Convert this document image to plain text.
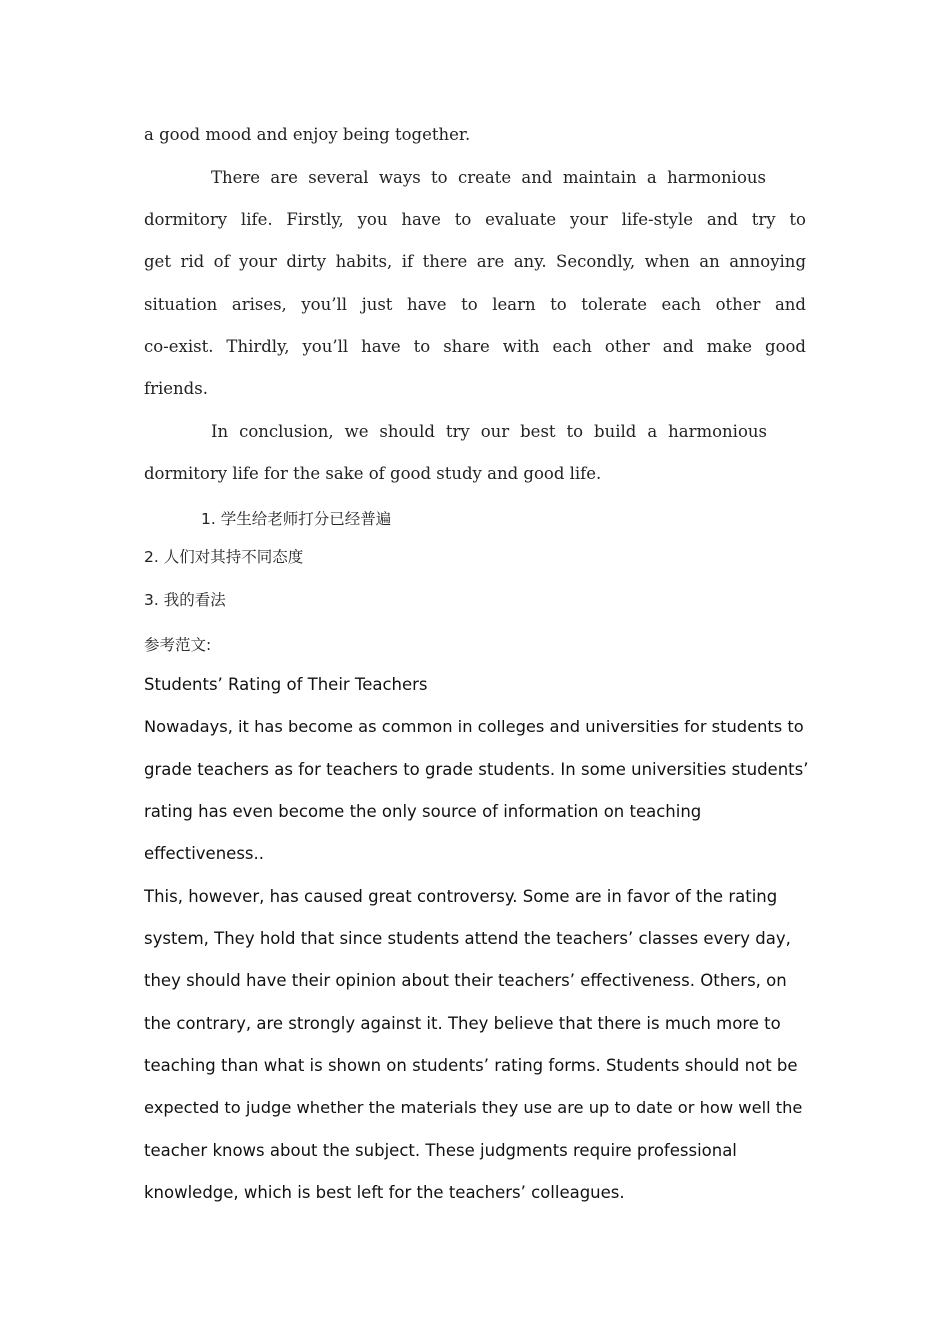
a good mood and enjoy being together.
There are several ways to create and maintain a harmonious
dormitory life. Firstly, you have to evaluate your life-style and try to
get rid of your dirty habits, if there are any. Secondly, when an annoying
situation arises, you’ll just have to learn to tolerate each other and
co-exist. Thirdly, you’ll have to share with each other and make good
friends.
In conclusion, we should try our best to build a harmonious
dormitory life for the sake of good study and good life.
1. 学生给老师打分已经普遍
2. 人们对其持不同态度
3. 我的看法
参考范文:
Students’ Rating of Their Teachers
Nowadays, it has become as common in colleges and universities for students to
grade teachers as for teachers to grade students. In some universities students’
rating has even become the only source of information on teaching
effectiveness..
This, however, has caused great controversy. Some are in favor of the rating
system, They hold that since students attend the teachers’ classes every day,
they should have their opinion about their teachers’ effectiveness. Others, on
the contrary, are strongly against it. They believe that there is much more to
teaching than what is shown on students’ rating forms. Students should not be
expected to judge whether the materials they use are up to date or how well the
teacher knows about the subject. These judgments require professional
knowledge, which is best left for the teachers’ colleagues.
